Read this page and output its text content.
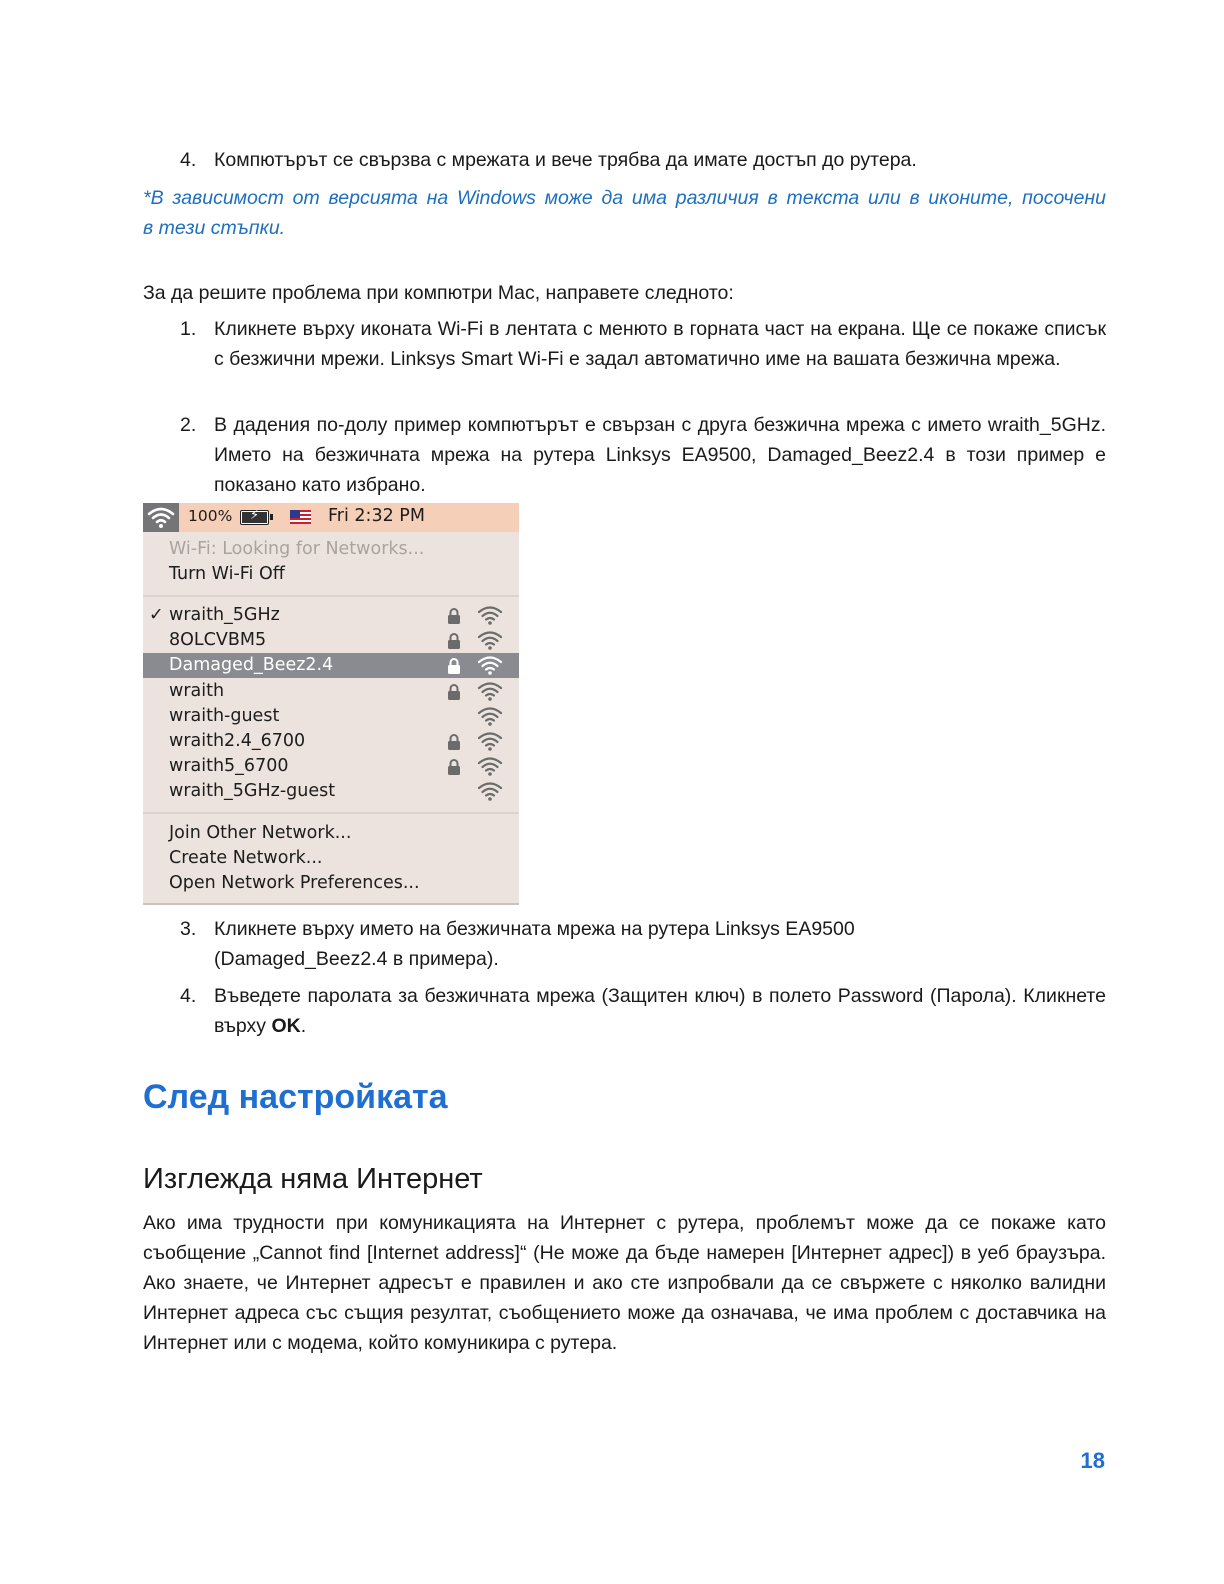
4. Компютърът се свързва с мрежата и вече трябва да имате достъп до рутера.
*В зависимост от версията на Windows може да има различия в текста или в иконите, посочени
в тези стъпки.
За да решите проблема при компютри Mac, направете следното:
1. Кликнете върху иконата Wi-Fi в лентата с менюто в горната част на екрана. Ще се покаже списък с безжични мрежи. Linksys Smart Wi-Fi е задал автоматично име на вашата безжична мрежа.
2. В дадения по-долу пример компютърът е свързан с друга безжична мрежа с името wraith_5GHz. Името на безжичната мрежа на рутера Linksys EA9500, Damaged_Beez2.4 в този пример е показано като избрано.
3. Кликнете върху името на безжичната мрежа на рутера Linksys EA9500
(Damaged_Beez2.4 в примера).
4. Въведете паролата за безжичната мрежа (Защитен ключ) в полето Password (Парола). Кликнете върху OK.
След настройката
Изглежда няма Интернет
Ако има трудности при комуникацията на Интернет с рутера, проблемът може да се покаже като съобщение „Cannot find [Internet address]“ (Не може да бъде намерен [Интернет адрес]) в уеб браузъра. Ако знаете, че Интернет адресът е правилен и ако сте изпробвали да се свържете с няколко валидни Интернет адреса със същия резултат, съобщението може да означава, че има проблем с доставчика на Интернет или с модема, който комуникира с рутера.
100% ⚡	Fri 2:32 PM
Wi-Fi: Looking for Networks...
Turn Wi-Fi Off
✓ wraith_5GHz
8OLCVBM5
Damaged_Beez2.4
wraith
wraith-guest
wraith2.4_6700
wraith5_6700
wraith_5GHz-guest
Join Other Network...
Create Network...
Open Network Preferences...
18
